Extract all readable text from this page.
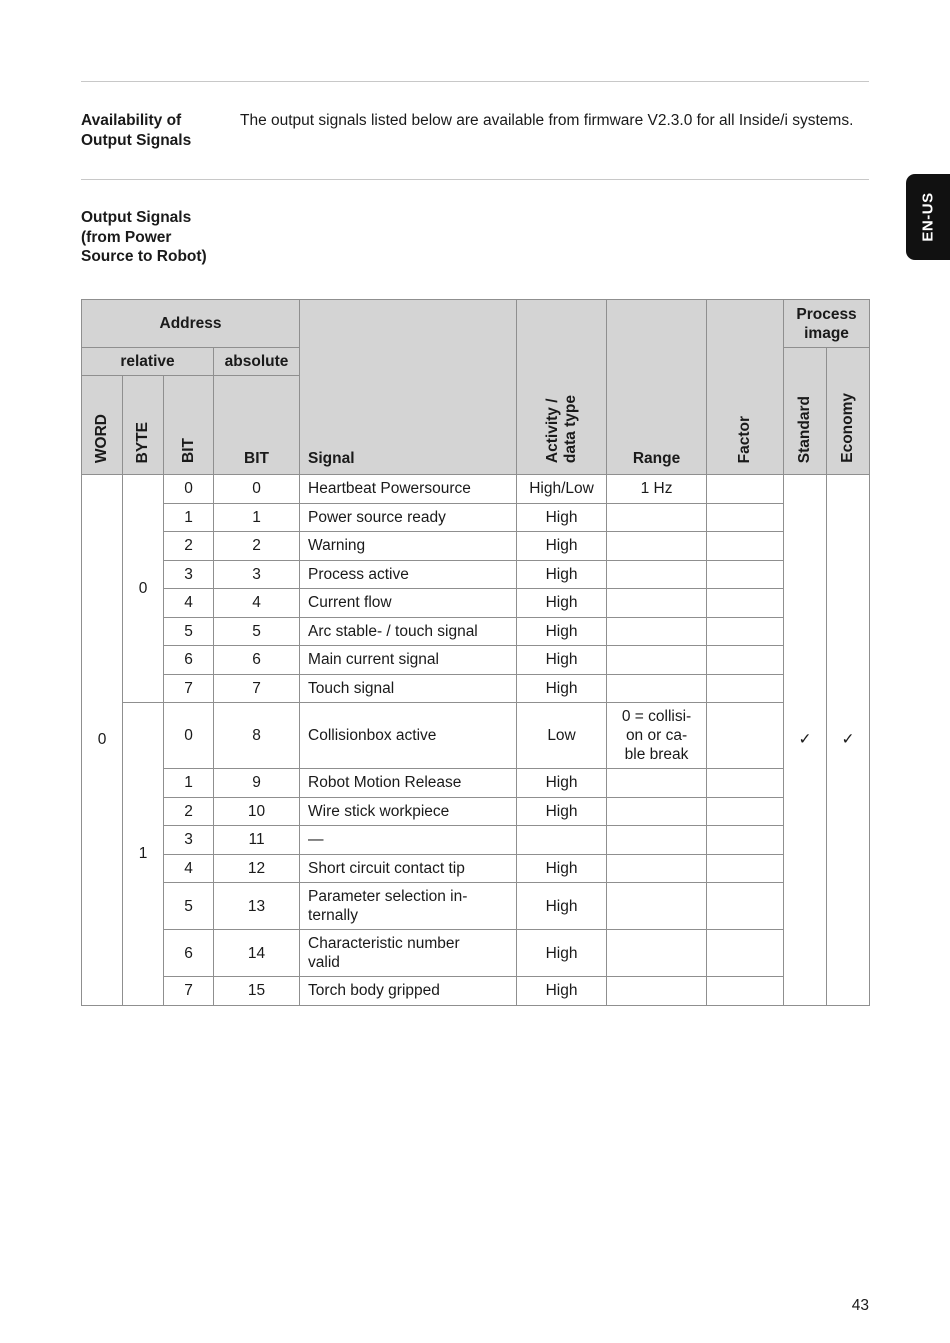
Availability of
Output Signals
The output signals listed below are available from firmware V2.3.0 for all Inside/i systems.
Output Signals
(from Power
Source to Robot)
EN-US
Address				Signal	Activity /
data type	Range	Factor	Process image	
relative			absolute					Standard	Economy
WORD	BYTE	BIT	BIT						
0	0	0	0	Heartbeat Powersource	High/Low	1 Hz		✓	✓
		1	1	Power source ready	High				
		2	2	Warning	High				
		3	3	Process active	High				
		4	4	Current flow	High				
		5	5	Arc stable- / touch signal	High				
		6	6	Main current signal	High				
		7	7	Touch signal	High				
	1	0	8	Collisionbox active	Low	0 = collisi-
on or ca-
ble break			
		1	9	Robot Motion Release	High				
		2	10	Wire stick workpiece	High				
		3	11	—					
		4	12	Short circuit contact tip	High				
		5	13	Parameter selection in-
ternally	High				
		6	14	Characteristic number
valid	High				
		7	15	Torch body gripped	High				
43
